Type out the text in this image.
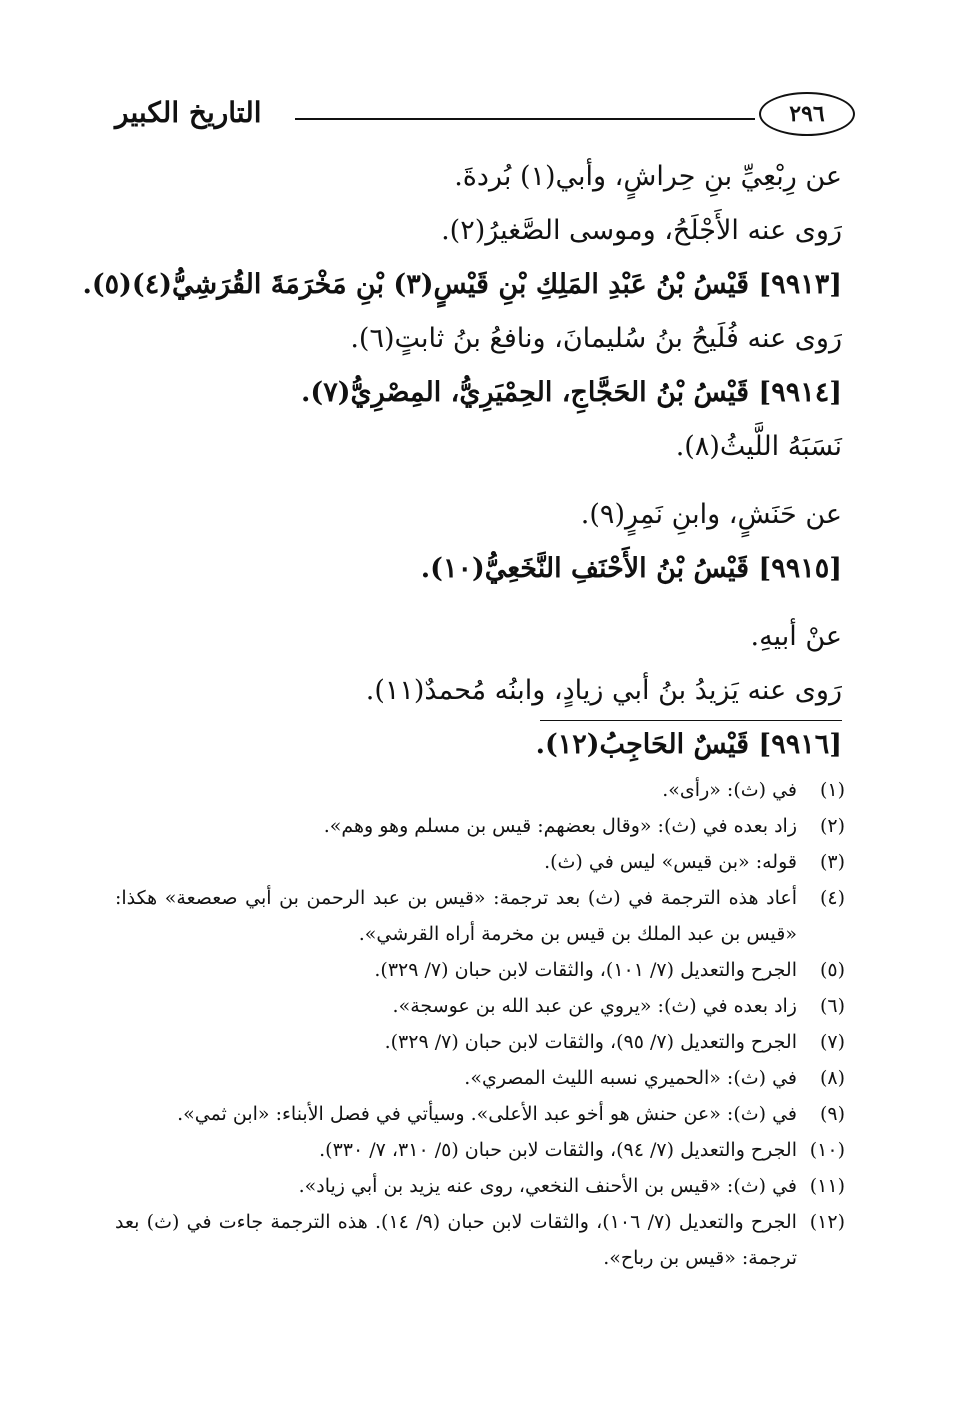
التاريخ الكبير	٢٩٦
عن رِبْعِيِّ بنِ حِراشٍ، وأبي(١) بُردةَ.
رَوى عنه الأَجْلَحُ، وموسى الصَّغيرُ(٢).
[٩٩١٣] قَيْسُ بْنُ عَبْدِ المَلِكِ بْنِ قَيْسٍ(٣) بْنِ مَخْرَمَةَ القُرَشِيُّ(٤)(٥).
رَوى عنه فُلَيحُ بنُ سُليمانَ، ونافعُ بنُ ثابتٍ(٦).
[٩٩١٤] قَيْسُ بْنُ الحَجَّاجِ، الحِمْيَرِيُّ، المِصْرِيُّ(٧).
نَسَبَهُ اللَّيثُ(٨).
عن حَنَشٍ، وابنِ نَمِرٍ(٩).
[٩٩١٥] قَيْسُ بْنُ الأَحْنَفِ النَّخَعِيُّ(١٠).
عنْ أبيهِ.
رَوى عنه يَزيدُ بنُ أبي زيادٍ، وابنُه مُحمدٌ(١١).
[٩٩١٦] قَيْسٌ الحَاجِبُ(١٢).
(١)
في (ث): «رأى».
(٢)
زاد بعده في (ث): «وقال بعضهم: قيس بن مسلم وهو وهم».
(٣)
قوله: «بن قيس» ليس في (ث).
(٤)
أعاد هذه الترجمة في (ث) بعد ترجمة: «قيس بن عبد الرحمن بن أبي صعصعة» هكذا: «قيس بن عبد الملك بن قيس بن مخرمة أراه القرشي».
(٥)
الجرح والتعديل (٧/ ١٠١)، والثقات لابن حبان (٧/ ٣٢٩).
(٦)
زاد بعده في (ث): «يروي عن عبد الله بن عوسجة».
(٧)
الجرح والتعديل (٧/ ٩٥)، والثقات لابن حبان (٧/ ٣٢٩).
(٨)
في (ث): «الحميري نسبه الليث المصري».
(٩)
في (ث): «عن حنش هو أخو عبد الأعلى». وسيأتي في فصل الأبناء: «ابن ثمي».
(١٠)
الجرح والتعديل (٧/ ٩٤)، والثقات لابن حبان (٥/ ٣١٠، ٧/ ٣٣٠).
(١١)
في (ث): «قيس بن الأحنف النخعي، روى عنه يزيد بن أبي زياد».
(١٢)
الجرح والتعديل (٧/ ١٠٦)، والثقات لابن حبان (٩/ ١٤). هذه الترجمة جاءت في (ث) بعد ترجمة: «قيس بن رباح».
